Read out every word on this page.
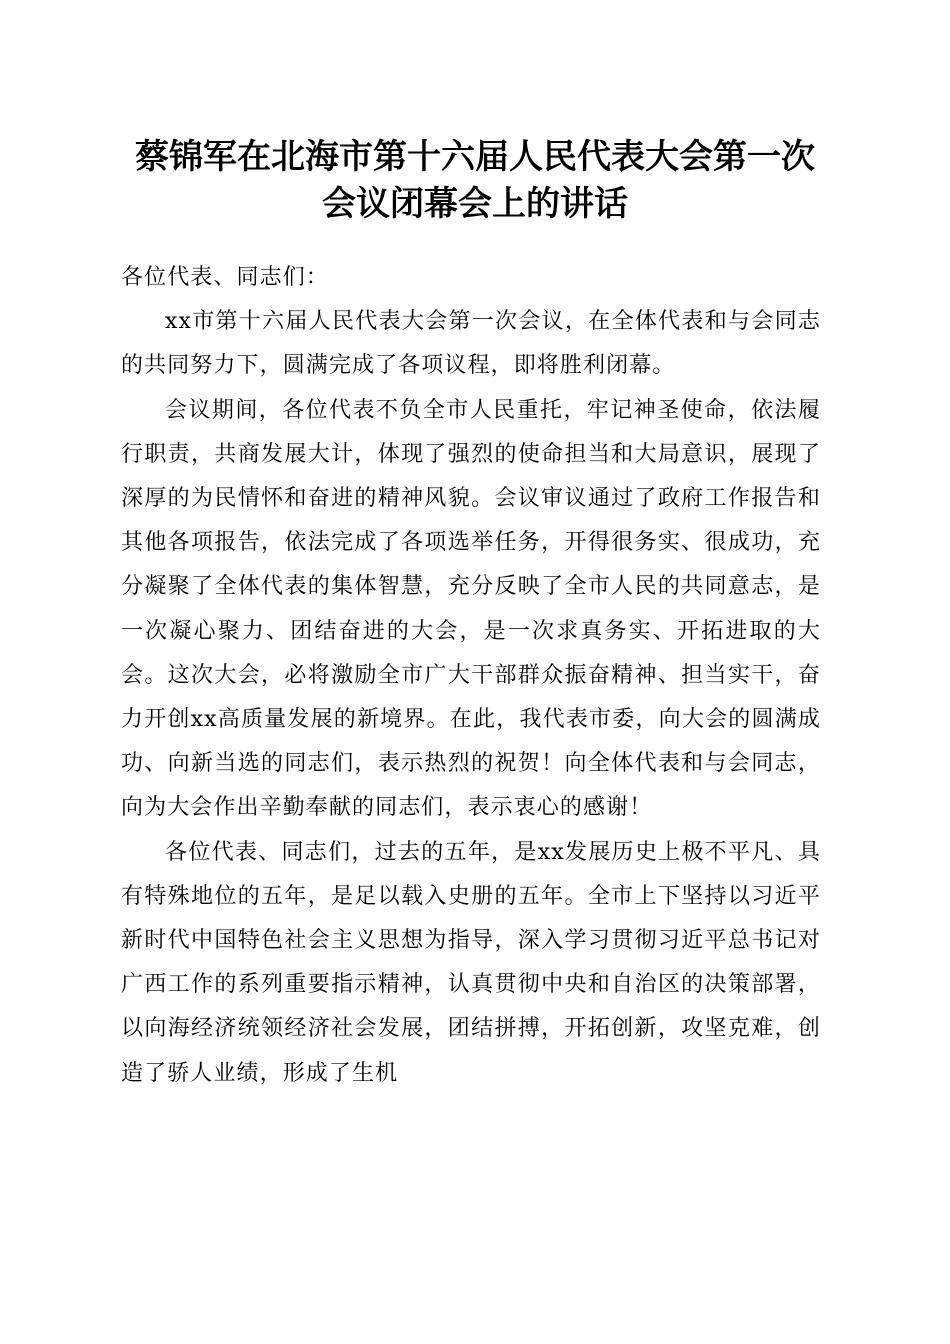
蔡锦军在北海市第十六届人民代表大会第一次
会议闭幕会上的讲话

各位代表、同志们：

xx市第十六届人民代表大会第一次会议，在全体代表和与会同志的共同努力下，圆满完成了各项议程，即将胜利闭幕。

会议期间，各位代表不负全市人民重托，牢记神圣使命，依法履行职责，共商发展大计，体现了强烈的使命担当和大局意识，展现了深厚的为民情怀和奋进的精神风貌。会议审议通过了政府工作报告和其他各项报告，依法完成了各项选举任务，开得很务实、很成功，充分凝聚了全体代表的集体智慧，充分反映了全市人民的共同意志，是一次凝心聚力、团结奋进的大会，是一次求真务实、开拓进取的大会。这次大会，必将激励全市广大干部群众振奋精神、担当实干，奋力开创xx高质量发展的新境界。在此，我代表市委，向大会的圆满成功、向新当选的同志们，表示热烈的祝贺！向全体代表和与会同志，向为大会作出辛勤奉献的同志们，表示衷心的感谢！

各位代表、同志们，过去的五年，是xx发展历史上极不平凡、具有特殊地位的五年，是足以载入史册的五年。全市上下坚持以习近平新时代中国特色社会主义思想为指导，深入学习贯彻习近平总书记对广西工作的系列重要指示精神，认真贯彻中央和自治区的决策部署，以向海经济统领经济社会发展，团结拼搏，开拓创新，攻坚克难，创造了骄人业绩，形成了生机
